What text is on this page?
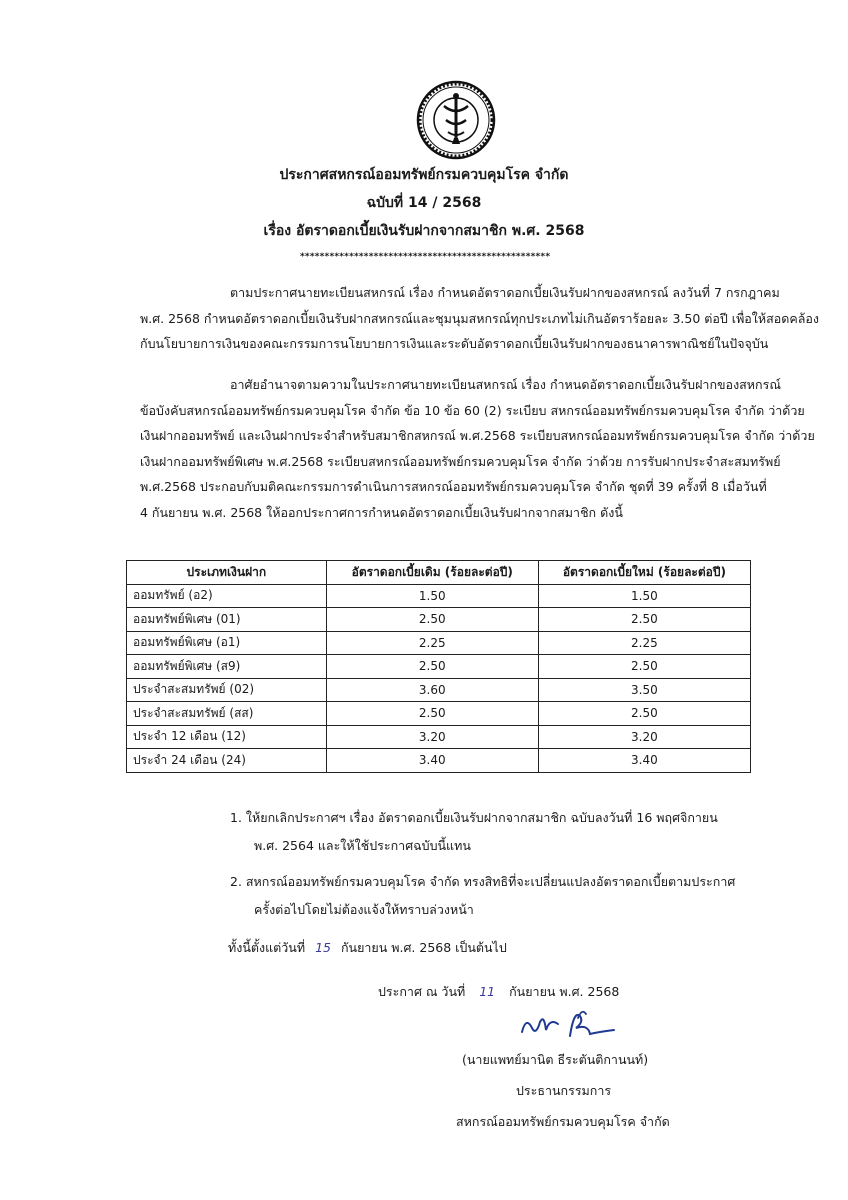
ประกาศสหกรณ์ออมทรัพย์กรมควบคุมโรค จำกัด
ฉบับที่ 14 / 2568
เรื่อง อัตราดอกเบี้ยเงินรับฝากจากสมาชิก พ.ศ. 2568
***************************************************
ตามประกาศนายทะเบียนสหกรณ์ เรื่อง กำหนดอัตราดอกเบี้ยเงินรับฝากของสหกรณ์ ลงวันที่ 7 กรกฎาคม
พ.ศ. 2568 กำหนดอัตราดอกเบี้ยเงินรับฝากสหกรณ์และชุมนุมสหกรณ์ทุกประเภทไม่เกินอัตราร้อยละ 3.50 ต่อปี เพื่อให้สอดคล้อง
กับนโยบายการเงินของคณะกรรมการนโยบายการเงินและระดับอัตราดอกเบี้ยเงินรับฝากของธนาคารพาณิชย์ในปัจจุบัน
อาศัยอำนาจตามความในประกาศนายทะเบียนสหกรณ์ เรื่อง กำหนดอัตราดอกเบี้ยเงินรับฝากของสหกรณ์
ข้อบังคับสหกรณ์ออมทรัพย์กรมควบคุมโรค จำกัด ข้อ 10 ข้อ 60 (2) ระเบียบ สหกรณ์ออมทรัพย์กรมควบคุมโรค จำกัด ว่าด้วย
เงินฝากออมทรัพย์ และเงินฝากประจำสำหรับสมาชิกสหกรณ์ พ.ศ.2568 ระเบียบสหกรณ์ออมทรัพย์กรมควบคุมโรค จำกัด ว่าด้วย
เงินฝากออมทรัพย์พิเศษ พ.ศ.2568 ระเบียบสหกรณ์ออมทรัพย์กรมควบคุมโรค จำกัด ว่าด้วย การรับฝากประจำสะสมทรัพย์
พ.ศ.2568 ประกอบกับมติคณะกรรมการดำเนินการสหกรณ์ออมทรัพย์กรมควบคุมโรค จำกัด ชุดที่ 39 ครั้งที่ 8 เมื่อวันที่
4 กันยายน พ.ศ. 2568 ให้ออกประกาศการกำหนดอัตราดอกเบี้ยเงินรับฝากจากสมาชิก ดังนี้
ประเภทเงินฝาก	อัตราดอกเบี้ยเดิม (ร้อยละต่อปี)	อัตราดอกเบี้ยใหม่ (ร้อยละต่อปี)
ออมทรัพย์ (อ2)	1.50	1.50
ออมทรัพย์พิเศษ (01)	2.50	2.50
ออมทรัพย์พิเศษ (อ1)	2.25	2.25
ออมทรัพย์พิเศษ (ส9)	2.50	2.50
ประจำสะสมทรัพย์ (02)	3.60	3.50
ประจำสะสมทรัพย์ (สส)	2.50	2.50
ประจำ 12 เดือน (12)	3.20	3.20
ประจำ 24 เดือน (24)	3.40	3.40
1. ให้ยกเลิกประกาศฯ เรื่อง อัตราดอกเบี้ยเงินรับฝากจากสมาชิก ฉบับลงวันที่ 16 พฤศจิกายน
พ.ศ. 2564 และให้ใช้ประกาศฉบับนี้แทน
2. สหกรณ์ออมทรัพย์กรมควบคุมโรค จำกัด ทรงสิทธิที่จะเปลี่ยนแปลงอัตราดอกเบี้ยตามประกาศ
ครั้งต่อไปโดยไม่ต้องแจ้งให้ทราบล่วงหน้า
ทั้งนี้ตั้งแต่วันที่ 15 กันยายน พ.ศ. 2568 เป็นต้นไป
ประกาศ ณ วันที่ 11 กันยายน พ.ศ. 2568
(นายแพทย์มานิต ธีระตันติกานนท์)
ประธานกรรมการ
สหกรณ์ออมทรัพย์กรมควบคุมโรค จำกัด
